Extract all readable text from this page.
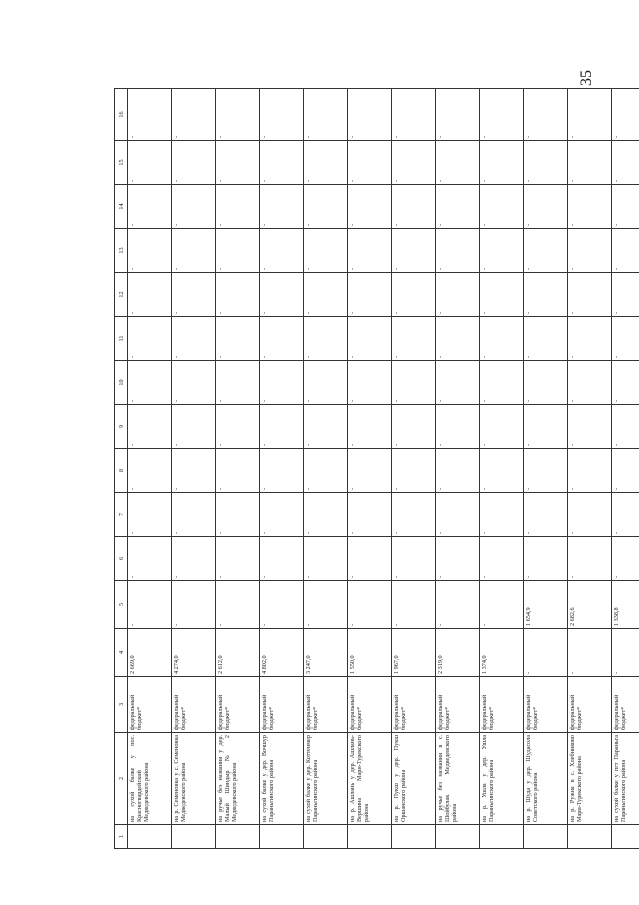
35
1	2	3	4	5	6	7	8	9	10	11	12	13	14	15	16
	на сухой балке у пос. Красногвардейский Медведевского района	федеральный бюджет*	2 669,0	-	-	-	-	-	-	-	-	-	-	-	-
	на р. Семеновка у с. Семеновка Медведевского района	федеральный бюджет*	4 274,0	-	-	-	-	-	-	-	-	-	-	-	-
	на ручье без названия у дер. Малый Шиндыр № 2 Медведевского района	федеральный бюджет*	2 612,0	-	-	-	-	-	-	-	-	-	-	-	-
	на сухой балке у дер. Вочшур Параньгинского района	федеральный бюджет*	4 802,0	-	-	-	-	-	-	-	-	-	-	-	-
	на сухой балке у дер. Коттенмер Параньгинского района	федеральный бюджет*	3 247,0	-	-	-	-	-	-	-	-	-	-	-	-
	на р. Ашлань у дер. Ашлань-Вершина Мари-Турекского района	федеральный бюджет*	1 550,0	-	-	-	-	-	-	-	-	-	-	-	-
	на р. Пукш у дер. Пукш Оршанского района	федеральный бюджет*	1 967,0	-	-	-	-	-	-	-	-	-	-	-	-
	на ручье без названия в с. Шойбулак Медведевского района	федеральный бюджет*	2 319,0	-	-	-	-	-	-	-	-	-	-	-	-
	на р. Ушла у дер. Ушла Параньгинского района	федеральный бюджет*	1 374,0	-	-	-	-	-	-	-	-	-	-	-	-
	на р. Шуда у дер. Шудасола Советского района	федеральный бюджет*	-	1 654,9	-	-	-	-	-	-	-	-	-	-	-
	на р. Ружна в с. Хлебниково Мари-Турекского района	федеральный бюджет*	-	2 682,6	-	-	-	-	-	-	-	-	-	-	-
	на сухой балке у пгт Параньга Параньгинского района	федеральный бюджет*	-	1 338,8	-	-	-	-	-	-	-	-	-	-	-
